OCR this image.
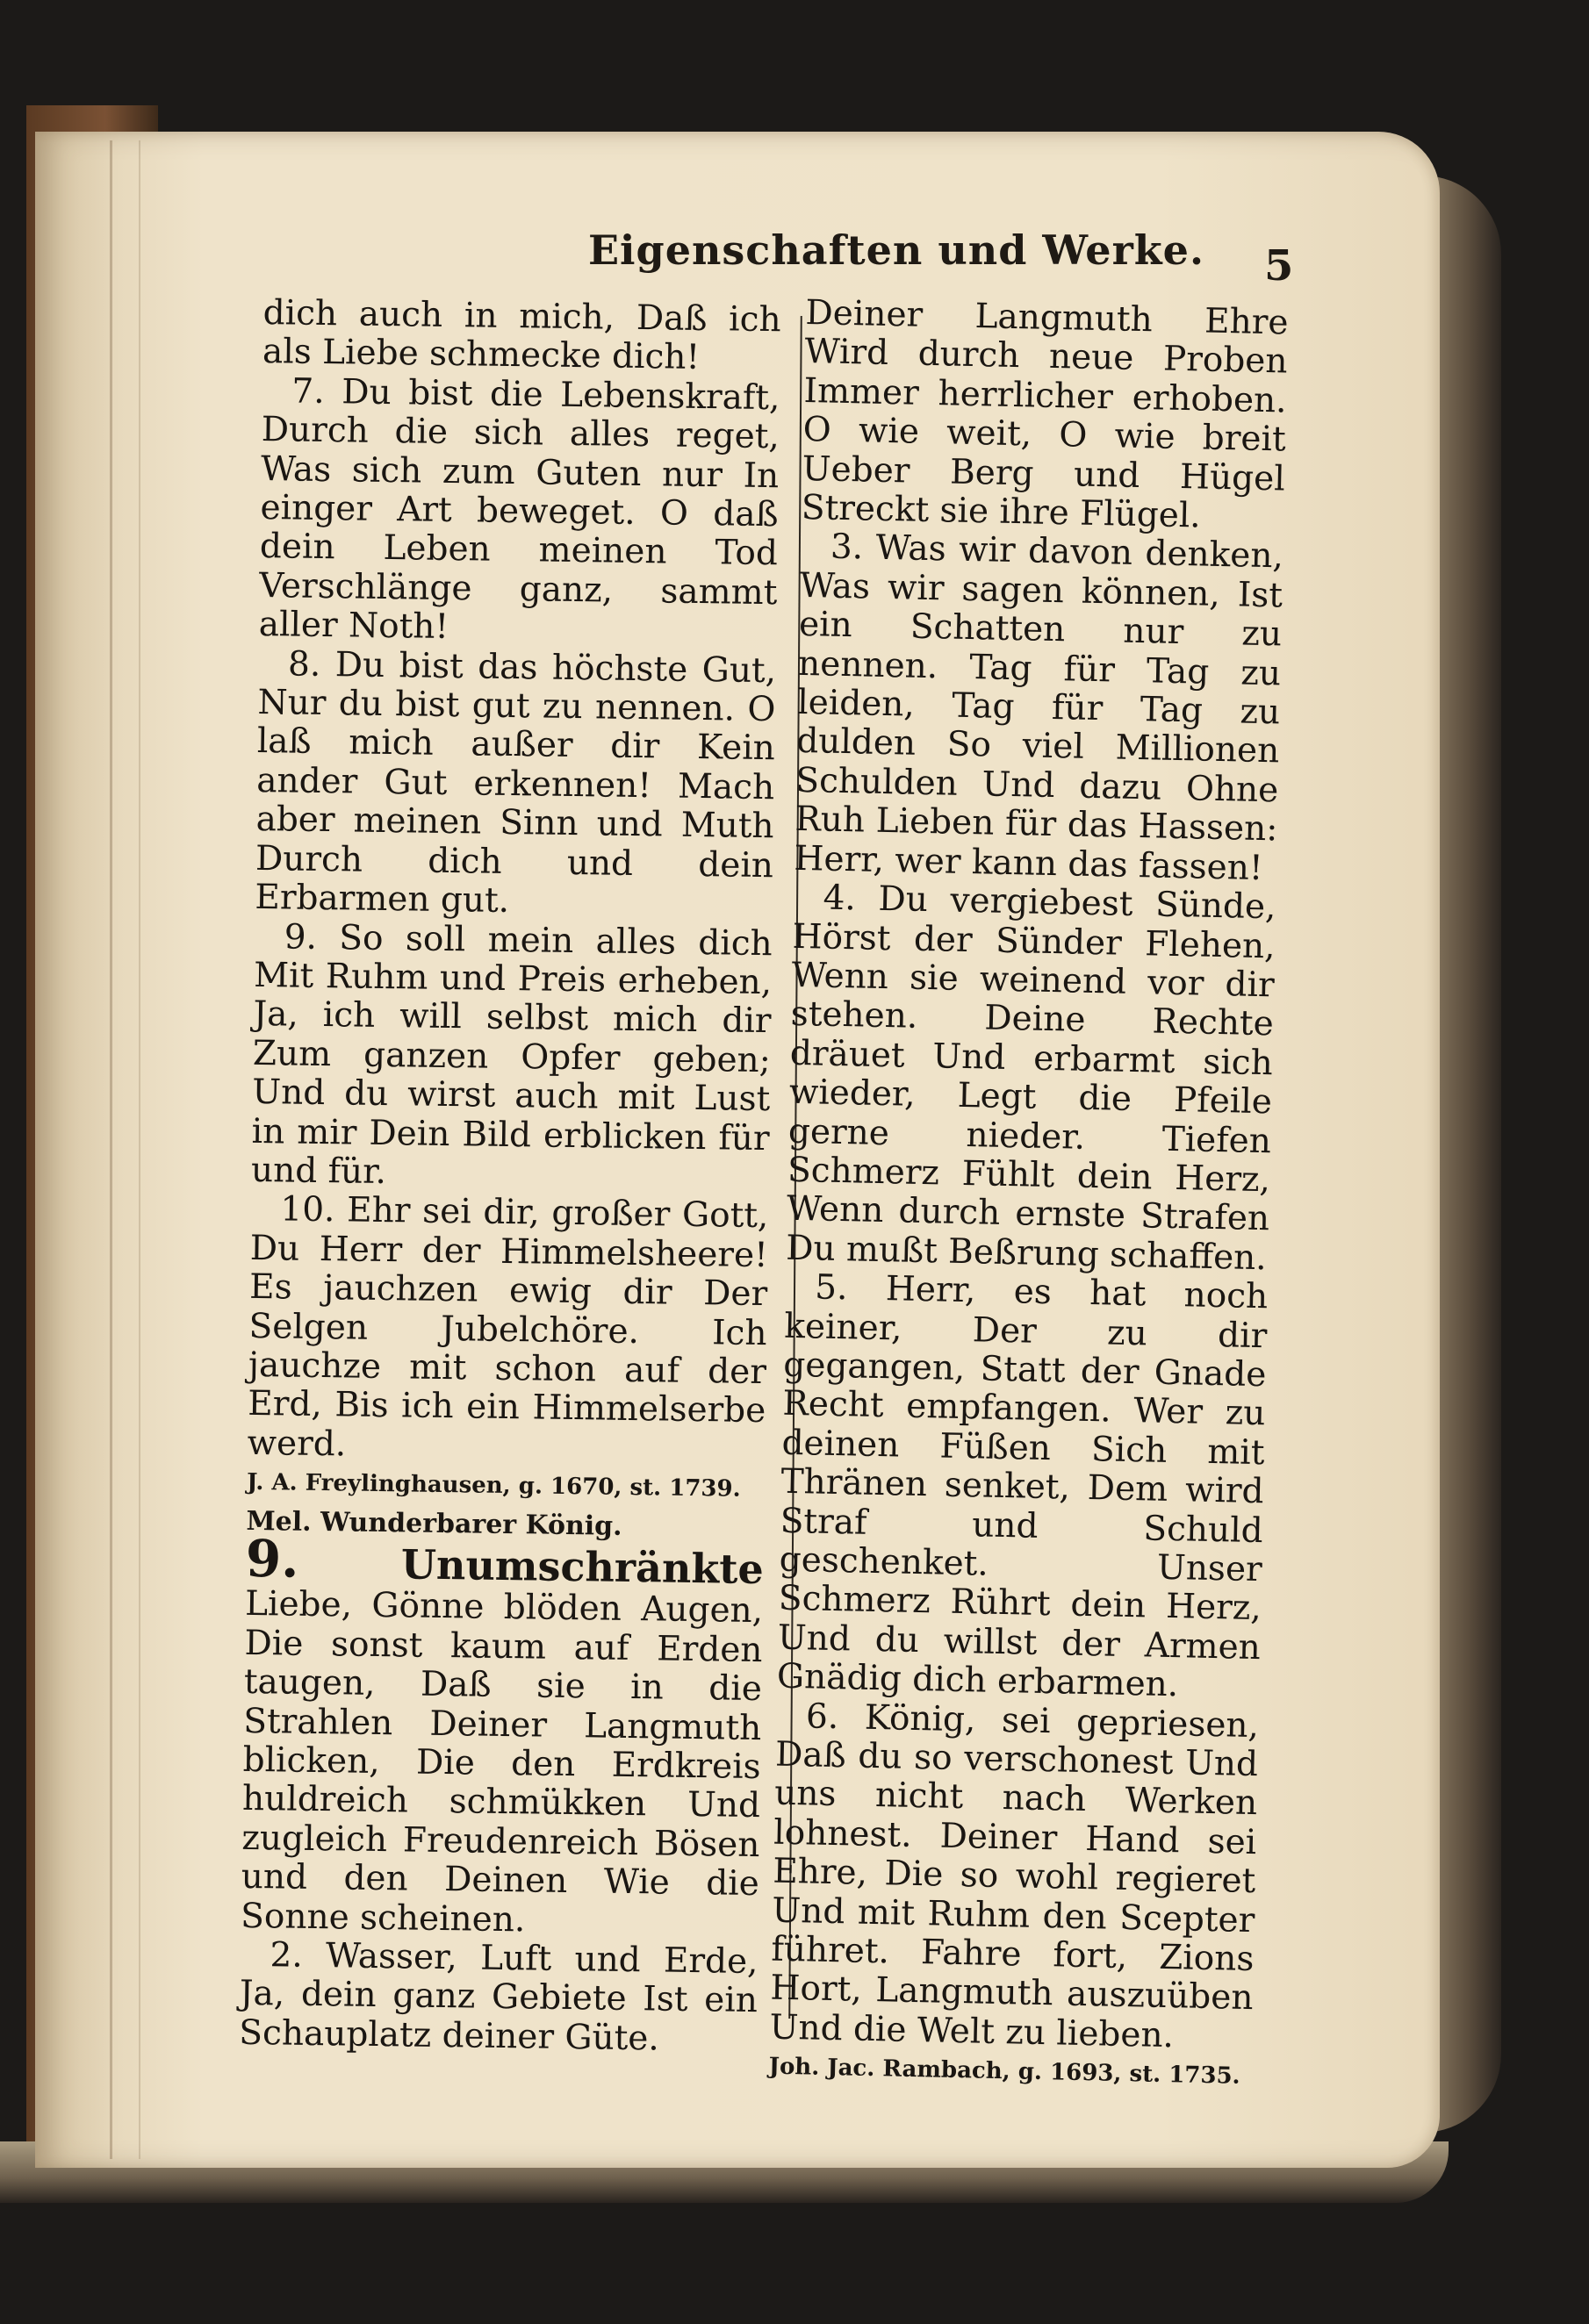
Eigenschaften und Werke.	5

dich auch in mich, Daß ich als Liebe schmecke dich!

7. Du bist die Lebenskraft, Durch die sich alles reget, Was sich zum Guten nur In einger Art beweget. O daß dein Leben meinen Tod Verschlänge ganz, sammt aller Noth!

8. Du bist das höchste Gut, Nur du bist gut zu nennen. O laß mich außer dir Kein ander Gut erkennen! Mach aber meinen Sinn und Muth Durch dich und dein Erbarmen gut.

9. So soll mein alles dich Mit Ruhm und Preis erheben, Ja, ich will selbst mich dir Zum ganzen Opfer geben; Und du wirst auch mit Lust in mir Dein Bild erblicken für und für.

10. Ehr sei dir, großer Gott, Du Herr der Himmelsheere! Es jauchzen ewig dir Der Selgen Jubelchöre. Ich jauchze mit schon auf der Erd, Bis ich ein Himmelserbe werd.

J. A. Freylinghausen, g. 1670, st. 1739.

Mel. Wunderbarer König.

9.	Unumschränkte Liebe, Gönne blöden Augen, Die sonst kaum auf Erden taugen, Daß sie in die Strahlen Deiner Langmuth blicken, Die den Erdkreis huldreich schmükken Und zugleich Freudenreich Bösen und den Deinen Wie die Sonne scheinen.

2. Wasser, Luft und Erde, Ja, dein ganz Gebiete Ist ein Schauplatz deiner Güte.

Deiner Langmuth Ehre Wird durch neue Proben Immer herrlicher erhoben. O wie weit, O wie breit Ueber Berg und Hügel Streckt sie ihre Flügel.

3. Was wir davon denken, Was wir sagen können, Ist ein Schatten nur zu nennen. Tag für Tag zu leiden, Tag für Tag zu dulden So viel Millionen Schulden Und dazu Ohne Ruh Lieben für das Hassen: Herr, wer kann das fassen!

4. Du vergiebest Sünde, Hörst der Sünder Flehen, Wenn sie weinend vor dir stehen. Deine Rechte dräuet Und erbarmt sich wieder, Legt die Pfeile gerne nieder. Tiefen Schmerz Fühlt dein Herz, Wenn durch ernste Strafen Du mußt Beßrung schaffen.

5. Herr, es hat noch keiner, Der zu dir gegangen, Statt der Gnade Recht empfangen. Wer zu deinen Füßen Sich mit Thränen senket, Dem wird Straf und Schuld geschenket. Unser Schmerz Rührt dein Herz, Und du willst der Armen Gnädig dich erbarmen.

6. König, sei gepriesen, Daß du so verschonest Und uns nicht nach Werken lohnest. Deiner Hand sei Ehre, Die so wohl regieret Und mit Ruhm den Scepter führet. Fahre fort, Zions Hort, Langmuth auszuüben Und die Welt zu lieben.

Joh. Jac. Rambach, g. 1693, st. 1735.
